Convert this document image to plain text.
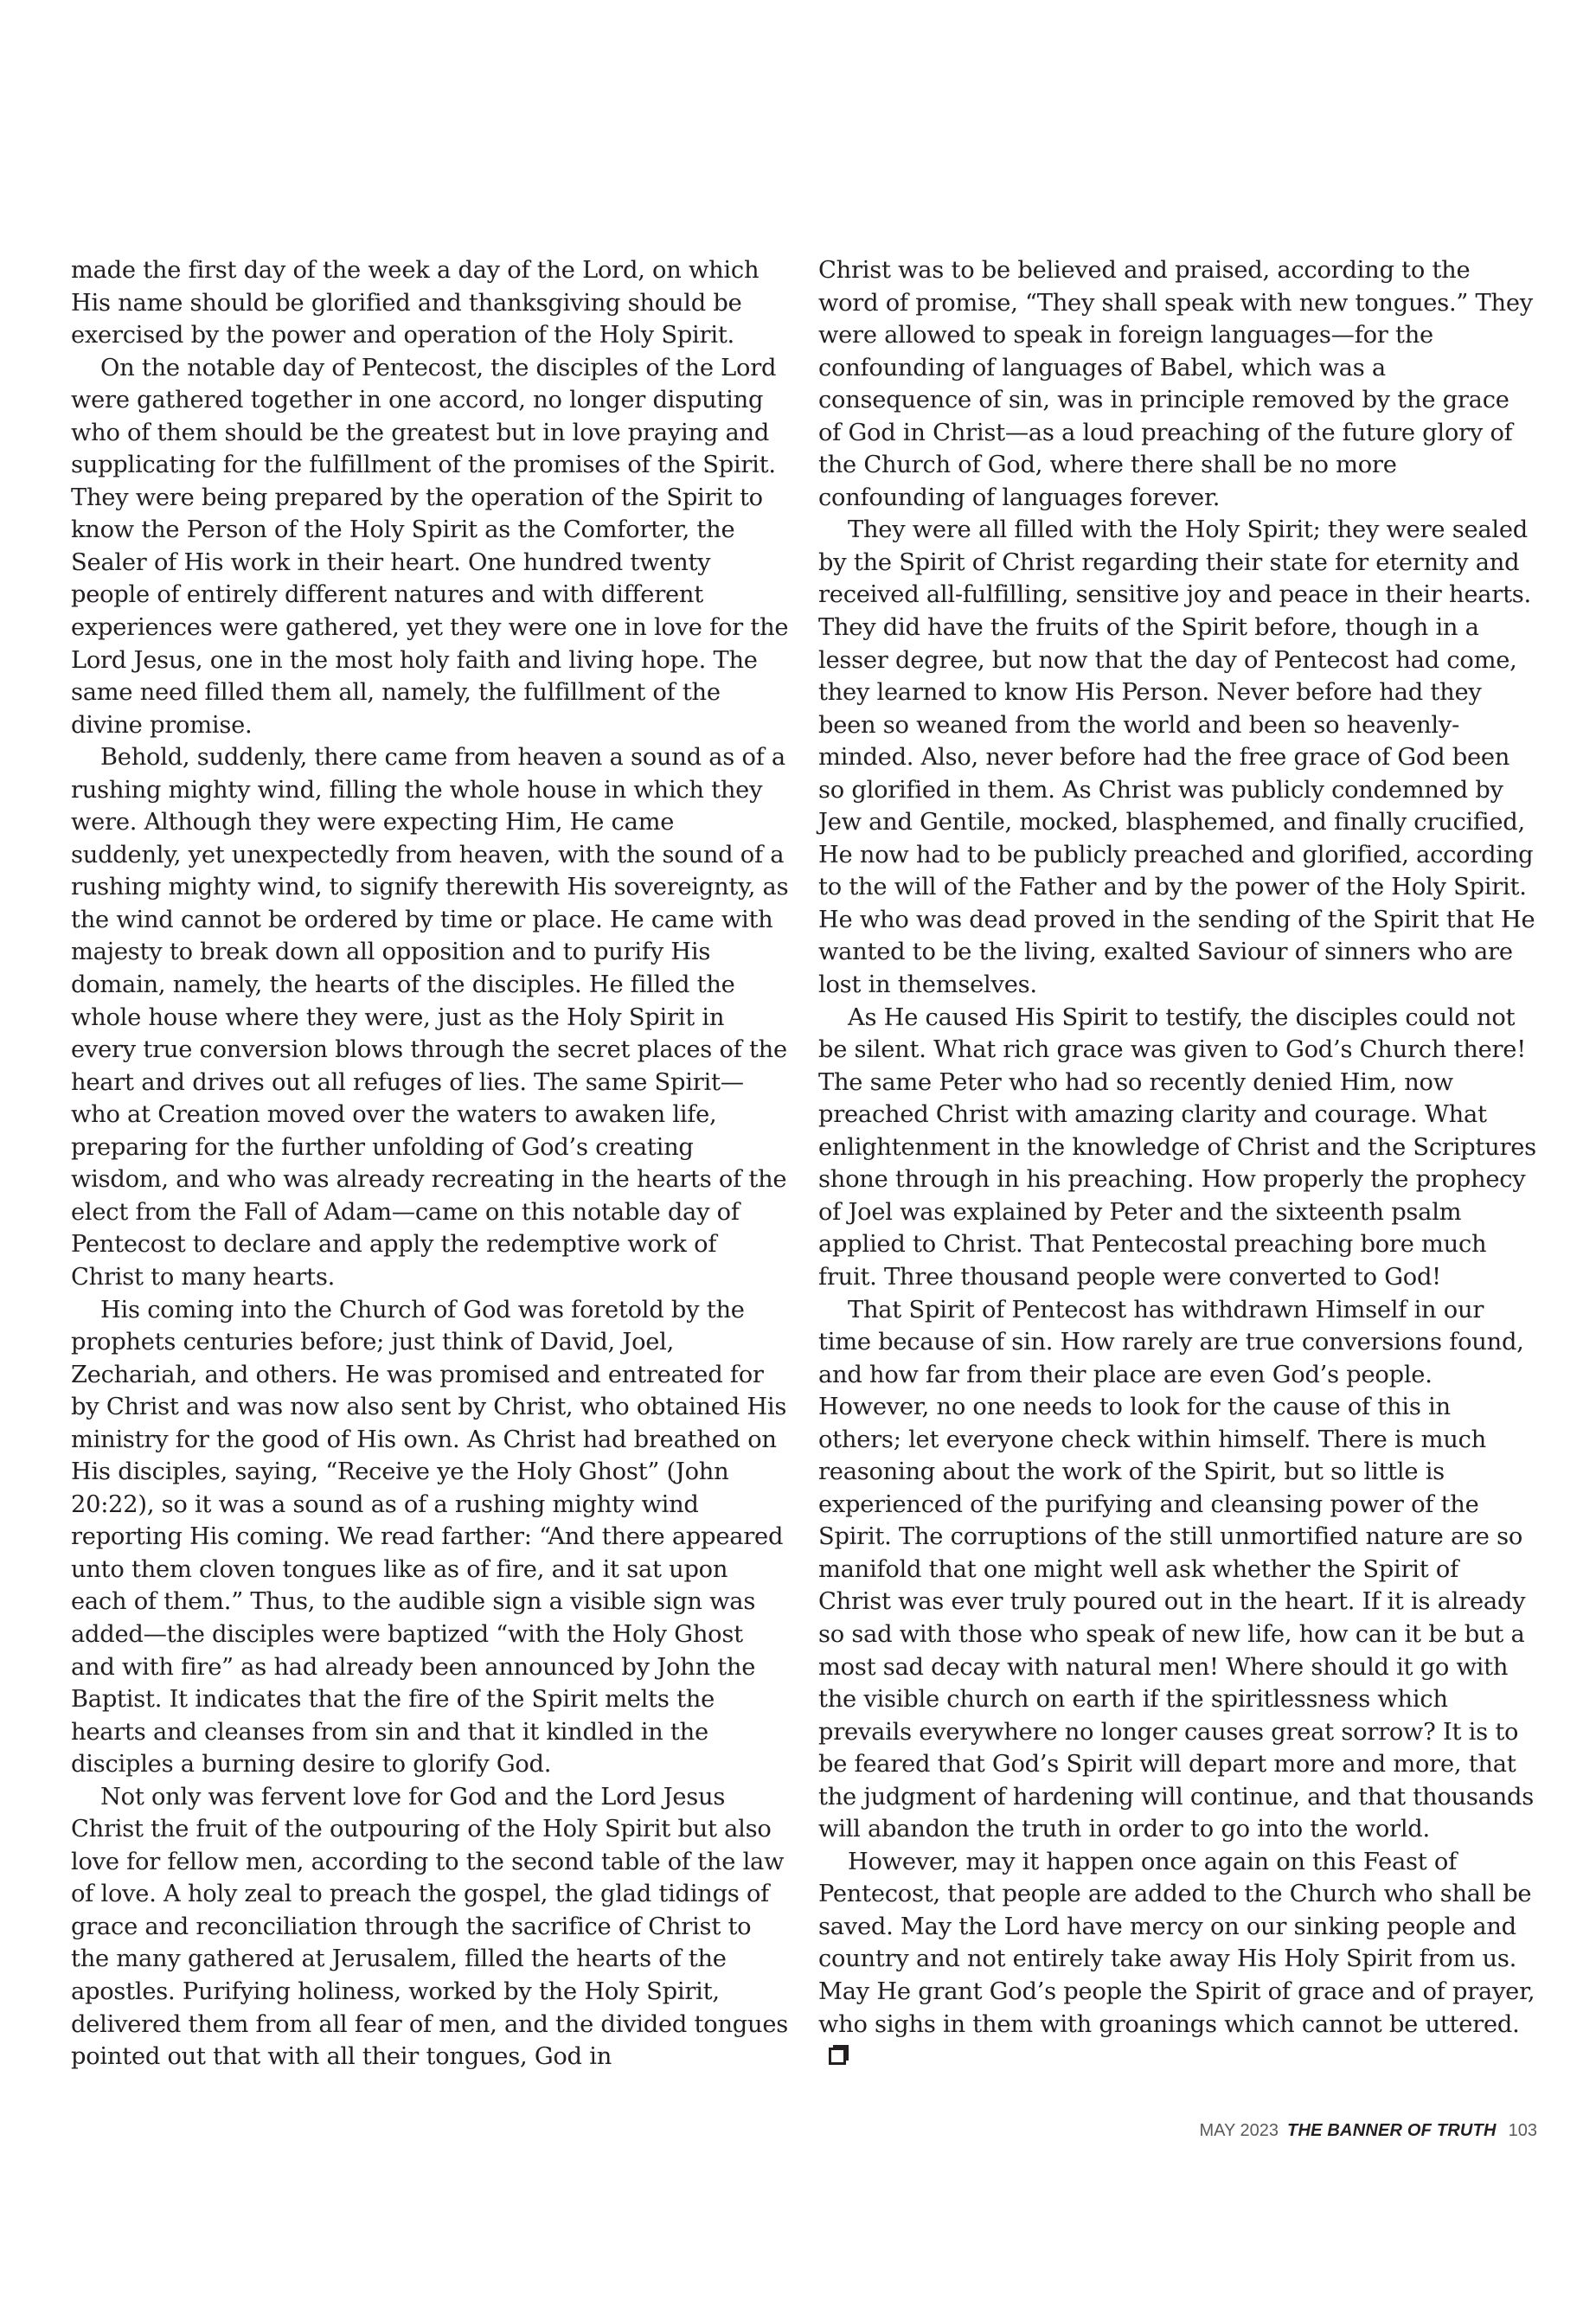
made the first day of the week a day of the Lord, on which His name should be glorified and thanksgiving should be exercised by the power and operation of the Holy Spirit.

On the notable day of Pentecost, the disciples of the Lord were gathered together in one accord, no longer disputing who of them should be the greatest but in love praying and supplicating for the fulfillment of the promises of the Spirit. They were being prepared by the operation of the Spirit to know the Person of the Holy Spirit as the Comforter, the Sealer of His work in their heart. One hundred twenty people of entirely different natures and with different experiences were gathered, yet they were one in love for the Lord Jesus, one in the most holy faith and living hope. The same need filled them all, namely, the fulfillment of the divine promise.

Behold, suddenly, there came from heaven a sound as of a rushing mighty wind, filling the whole house in which they were. Although they were expecting Him, He came suddenly, yet unexpectedly from heaven, with the sound of a rushing mighty wind, to signify therewith His sovereignty, as the wind cannot be ordered by time or place. He came with majesty to break down all opposition and to purify His domain, namely, the hearts of the disciples. He filled the whole house where they were, just as the Holy Spirit in every true conversion blows through the secret places of the heart and drives out all refuges of lies. The same Spirit—who at Creation moved over the waters to awaken life, preparing for the further unfolding of God’s creating wisdom, and who was already recreating in the hearts of the elect from the Fall of Adam—came on this notable day of Pentecost to declare and apply the redemptive work of Christ to many hearts.

His coming into the Church of God was foretold by the prophets centuries before; just think of David, Joel, Zechariah, and others. He was promised and entreated for by Christ and was now also sent by Christ, who obtained His ministry for the good of His own. As Christ had breathed on His disciples, saying, “Receive ye the Holy Ghost” (John 20:22), so it was a sound as of a rushing mighty wind reporting His coming. We read farther: “And there appeared unto them cloven tongues like as of fire, and it sat upon each of them.” Thus, to the audible sign a visible sign was added—the disciples were baptized “with the Holy Ghost and with fire” as had already been announced by John the Baptist. It indicates that the fire of the Spirit melts the hearts and cleanses from sin and that it kindled in the disciples a burning desire to glorify God.

Not only was fervent love for God and the Lord Jesus Christ the fruit of the outpouring of the Holy Spirit but also love for fellow men, according to the second table of the law of love. A holy zeal to preach the gospel, the glad tidings of grace and reconciliation through the sacrifice of Christ to the many gathered at Jerusalem, filled the hearts of the apostles. Purifying holiness, worked by the Holy Spirit, delivered them from all fear of men, and the divided tongues pointed out that with all their tongues, God in

Christ was to be believed and praised, according to the word of promise, “They shall speak with new tongues.” They were allowed to speak in foreign languages—for the confounding of languages of Babel, which was a consequence of sin, was in principle removed by the grace of God in Christ—as a loud preaching of the future glory of the Church of God, where there shall be no more confounding of languages forever.

They were all filled with the Holy Spirit; they were sealed by the Spirit of Christ regarding their state for eternity and received all-fulfilling, sensitive joy and peace in their hearts. They did have the fruits of the Spirit before, though in a lesser degree, but now that the day of Pentecost had come, they learned to know His Person. Never before had they been so weaned from the world and been so heavenly-minded. Also, never before had the free grace of God been so glorified in them. As Christ was publicly condemned by Jew and Gentile, mocked, blasphemed, and finally crucified, He now had to be publicly preached and glorified, according to the will of the Father and by the power of the Holy Spirit. He who was dead proved in the sending of the Spirit that He wanted to be the living, exalted Saviour of sinners who are lost in themselves.

As He caused His Spirit to testify, the disciples could not be silent. What rich grace was given to God’s Church there! The same Peter who had so recently denied Him, now preached Christ with amazing clarity and courage. What enlightenment in the knowledge of Christ and the Scriptures shone through in his preaching. How properly the prophecy of Joel was explained by Peter and the sixteenth psalm applied to Christ. That Pentecostal preaching bore much fruit. Three thousand people were converted to God!

That Spirit of Pentecost has withdrawn Himself in our time because of sin. How rarely are true conversions found, and how far from their place are even God’s people. However, no one needs to look for the cause of this in others; let everyone check within himself. There is much reasoning about the work of the Spirit, but so little is experienced of the purifying and cleansing power of the Spirit. The corruptions of the still unmortified nature are so manifold that one might well ask whether the Spirit of Christ was ever truly poured out in the heart. If it is already so sad with those who speak of new life, how can it be but a most sad decay with natural men! Where should it go with the visible church on earth if the spiritlessness which prevails everywhere no longer causes great sorrow? It is to be feared that God’s Spirit will depart more and more, that the judgment of hardening will continue, and that thousands will abandon the truth in order to go into the world.

However, may it happen once again on this Feast of Pentecost, that people are added to the Church who shall be saved. May the Lord have mercy on our sinking people and country and not entirely take away His Holy Spirit from us. May He grant God’s people the Spirit of grace and of prayer, who sighs in them with groanings which cannot be uttered.

MAY 2023 THE BANNER OF TRUTH 103
